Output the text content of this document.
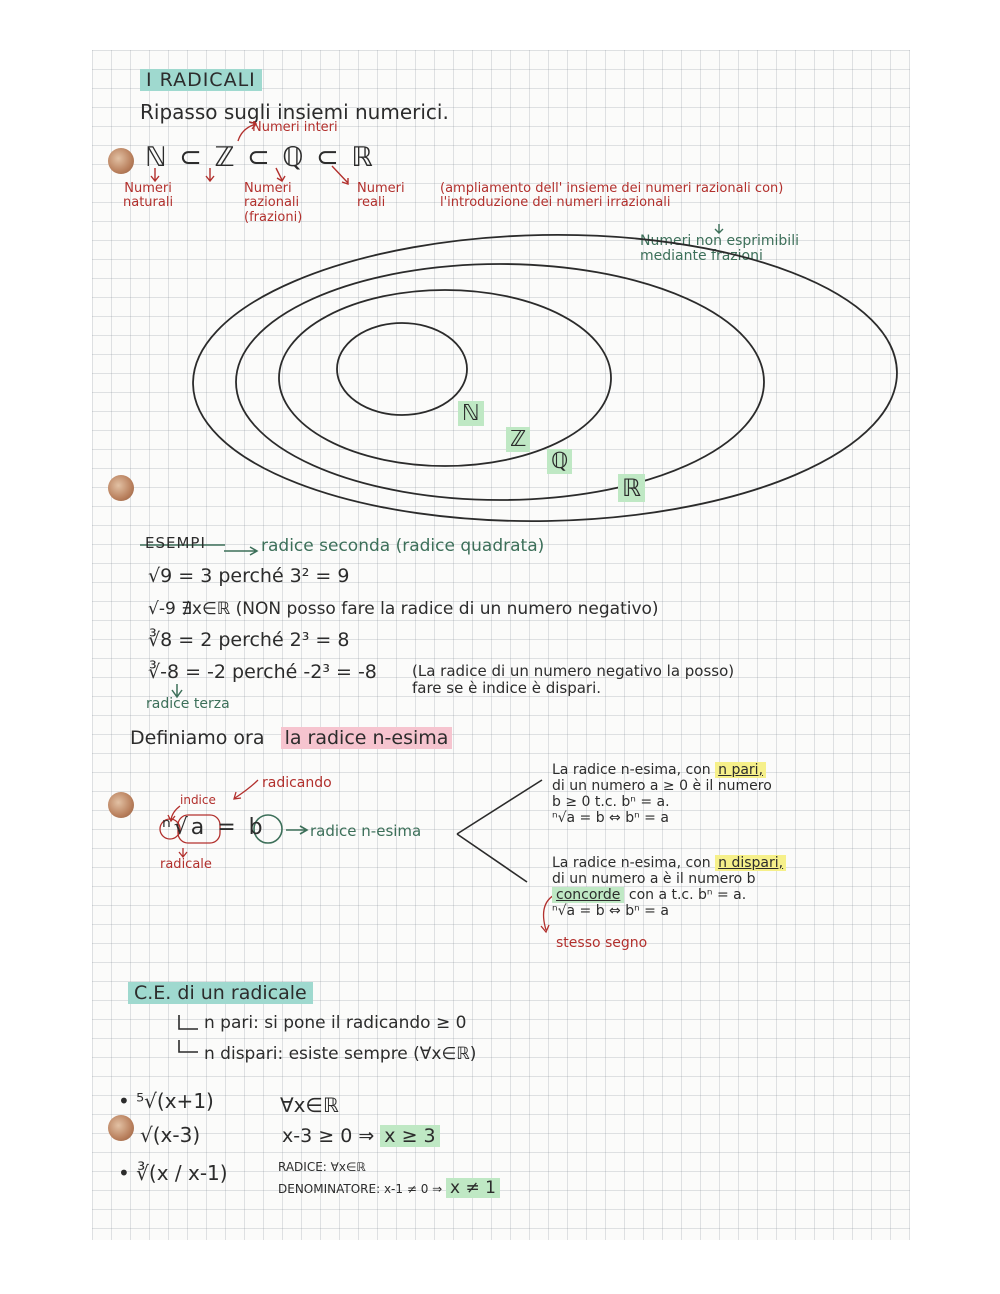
I RADICALI
Ripasso sugli insiemi numerici.
Numeri interi
ℕ ⊂ ℤ ⊂ ℚ ⊂ ℝ
Numeri
naturali
Numeri
razionali
(frazioni)
Numeri
reali
(ampliamento dell' insieme dei numeri razionali con)
l'introduzione dei numeri irrazionali
Numeri non esprimibili
mediante frazioni
ℕ
ℤ
ℚ
ℝ
ESEMPI	radice seconda (radice quadrata)
√9 = 3 perché 3² = 9
√-9 ∄x∈ℝ (NON posso fare la radice di un numero negativo)
∛8 = 2 perché 2³ = 8
∛-8 = -2 perché -2³ = -8 (La radice di un numero negativo la posso)
fare se è indice è dispari.
radice terza
Definiamo ora la radice n-esima
indice
radicando
ⁿ√a = b
radicale
radice n-esima
La radice n-esima, con n pari,
di un numero a ≥ 0 è il numero
b ≥ 0 t.c. bⁿ = a.
ⁿ√a = b ⇔ bⁿ = a
La radice n-esima, con n dispari,
di un numero a è il numero b
concorde con a t.c. bⁿ = a.
ⁿ√a = b ⇔ bⁿ = a
stesso segno
C.E. di un radicale
n pari: si pone il radicando ≥ 0
n dispari: esiste sempre (∀x∈ℝ)
• ⁵√(x+1)	∀x∈ℝ
√(x-3)	x-3 ≥ 0 ⇒ x ≥ 3
• ∛(x / x-1)	RADICE: ∀x∈ℝ
DENOMINATORE: x-1 ≠ 0 ⇒ x ≠ 1
